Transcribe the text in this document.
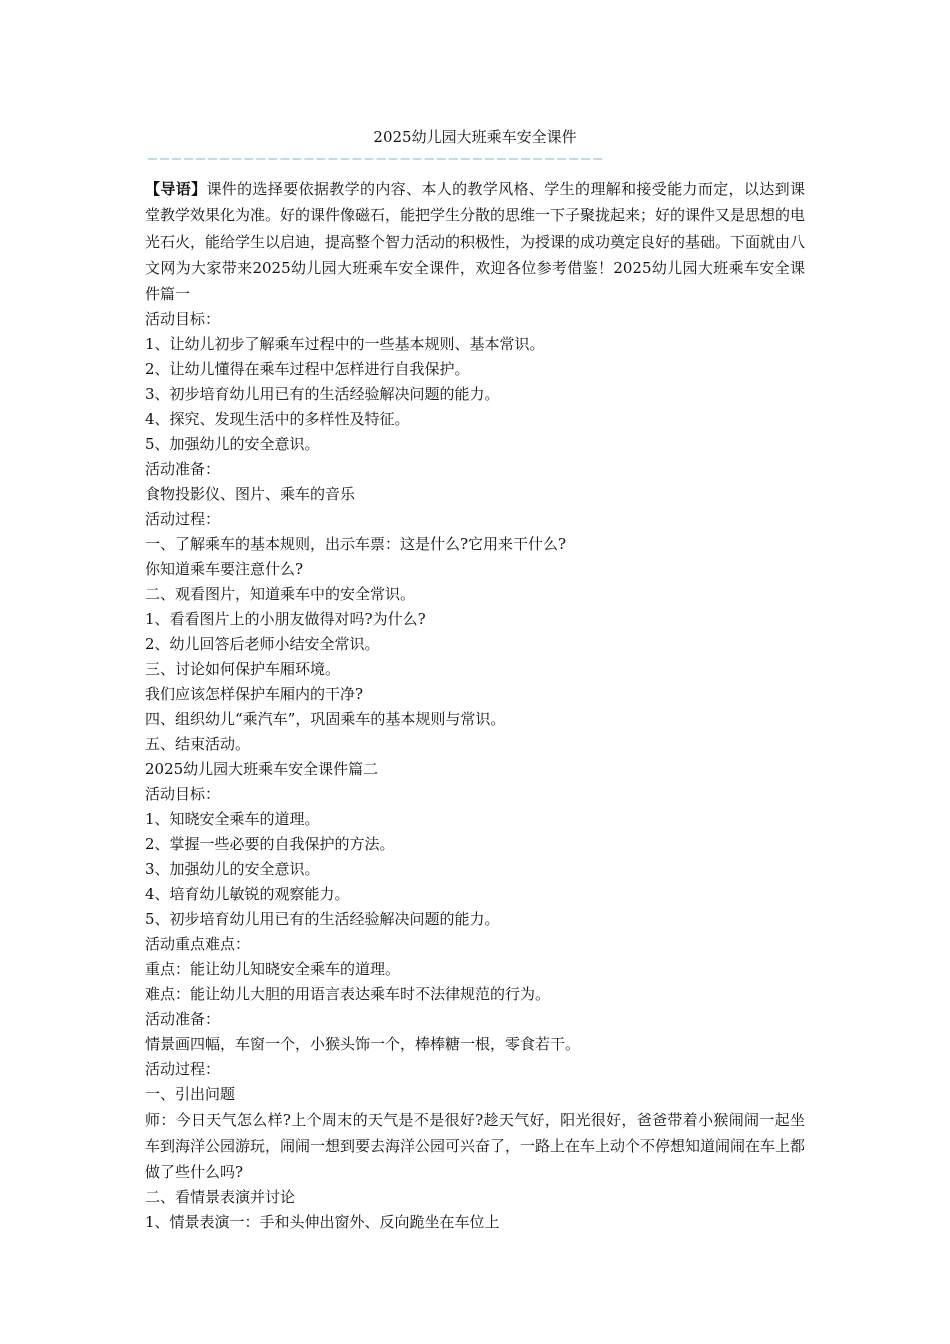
2025幼儿园大班乘车安全课件
——————————————————————————————————————

【导语】课件的选择要依据教学的内容、本人的教学风格、学生的理解和接受能力而定，以达到课堂教学效果化为准。好的课件像磁石，能把学生分散的思维一下子聚拢起来；好的课件又是思想的电光石火，能给学生以启迪，提高整个智力活动的积极性，为授课的成功奠定良好的基础。下面就由八文网为大家带来2025幼儿园大班乘车安全课件，欢迎各位参考借鉴！2025幼儿园大班乘车安全课件篇一

活动目标：

1、让幼儿初步了解乘车过程中的一些基本规则、基本常识。

2、让幼儿懂得在乘车过程中怎样进行自我保护。

3、初步培育幼儿用已有的生活经验解决问题的能力。

4、探究、发现生活中的多样性及特征。

5、加强幼儿的安全意识。

活动准备：

食物投影仪、图片、乘车的音乐

活动过程：

一、了解乘车的基本规则，出示车票：这是什么?它用来干什么?

你知道乘车要注意什么?

二、观看图片，知道乘车中的安全常识。

1、看看图片上的小朋友做得对吗?为什么?

2、幼儿回答后老师小结安全常识。

三、讨论如何保护车厢环境。

我们应该怎样保护车厢内的干净?

四、组织幼儿“乘汽车”，巩固乘车的基本规则与常识。

五、结束活动。

2025幼儿园大班乘车安全课件篇二

活动目标：

1、知晓安全乘车的道理。

2、掌握一些必要的自我保护的方法。

3、加强幼儿的安全意识。

4、培育幼儿敏锐的观察能力。

5、初步培育幼儿用已有的生活经验解决问题的能力。

活动重点难点：

重点：能让幼儿知晓安全乘车的道理。

难点：能让幼儿大胆的用语言表达乘车时不法律规范的行为。

活动准备：

情景画四幅，车窗一个，小猴头饰一个，棒棒糖一根，零食若干。

活动过程：

一、引出问题

师：今日天气怎么样?上个周末的天气是不是很好?趁天气好，阳光很好，爸爸带着小猴闹闹一起坐车到海洋公园游玩，闹闹一想到要去海洋公园可兴奋了，一路上在车上动个不停想知道闹闹在车上都做了些什么吗?

二、看情景表演并讨论

1、情景表演一：手和头伸出窗外、反向跪坐在车位上
